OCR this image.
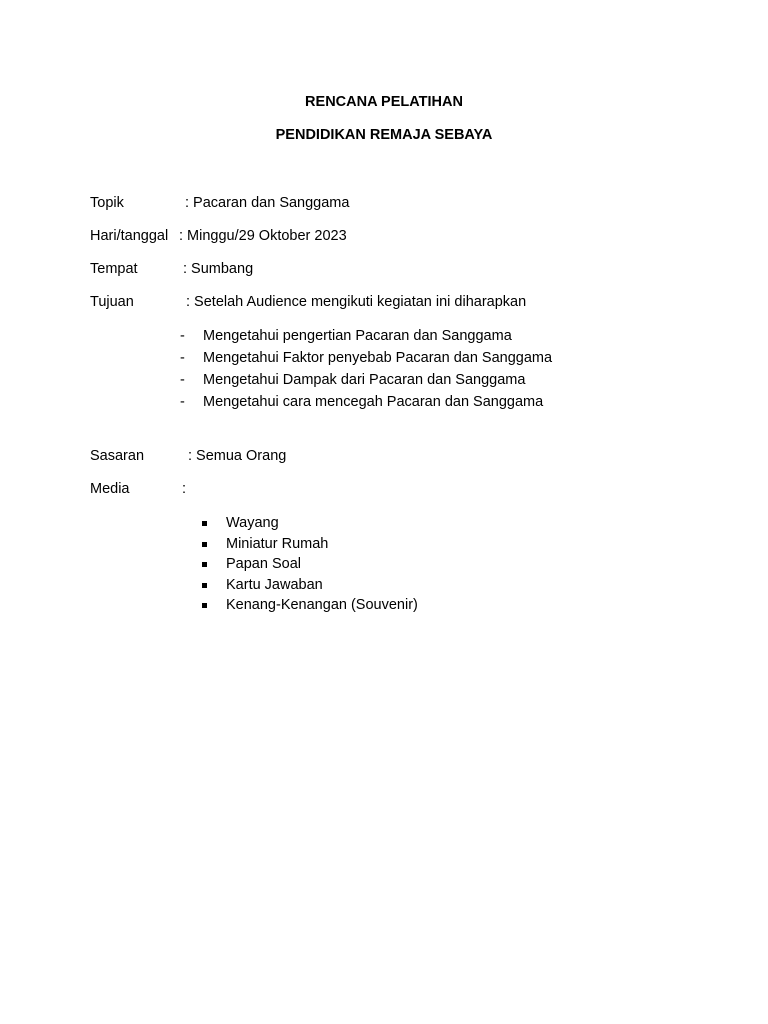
RENCANA PELATIHAN
PENDIDIKAN REMAJA SEBAYA
Topik	: Pacaran dan Sanggama
Hari/tanggal : Minggu/29 Oktober 2023
Tempat	: Sumbang
Tujuan	: Setelah Audience mengikuti kegiatan ini diharapkan
- Mengetahui pengertian Pacaran dan Sanggama
- Mengetahui Faktor penyebab Pacaran dan Sanggama
- Mengetahui Dampak dari Pacaran dan Sanggama
- Mengetahui cara mencegah Pacaran dan Sanggama
Sasaran	: Semua Orang
Media	:
Wayang
Miniatur Rumah
Papan Soal
Kartu Jawaban
Kenang-Kenangan (Souvenir)
